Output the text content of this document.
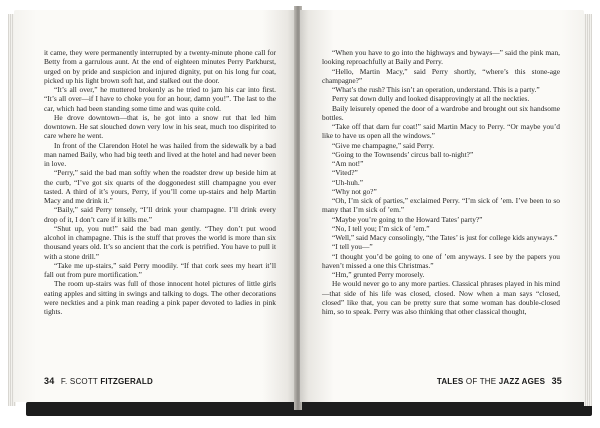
it came, they were permanently interrupted by a twenty-minute phone call for Betty from a garrulous aunt. At the end of eighteen minutes Perry Parkhurst, urged on by pride and suspicion and injured dignity, put on his long fur coat, picked up his light brown soft hat, and stalked out the door.

“It’s all over,” he muttered brokenly as he tried to jam his car into first. “It’s all over—if I have to choke you for an hour, damn you!”. The last to the car, which had been standing some time and was quite cold.

He drove downtown—that is, he got into a snow rut that led him downtown. He sat slouched down very low in his seat, much too dispirited to care where he went.

In front of the Clarendon Hotel he was hailed from the sidewalk by a bad man named Baily, who had big teeth and lived at the hotel and had never been in love.

“Perry,” said the bad man softly when the roadster drew up beside him at the curb, “I’ve got six quarts of the doggonedest still champagne you ever tasted. A third of it’s yours, Perry, if you’ll come up-stairs and help Martin Macy and me drink it.”

“Baily,” said Perry tensely, “I’ll drink your champagne. I’ll drink every drop of it, I don’t care if it kills me.”

“Shut up, you nut!” said the bad man gently. “They don’t put wood alcohol in champagne. This is the stuff that proves the world is more than six thousand years old. It’s so ancient that the cork is petrified. You have to pull it with a stone drill.”

“Take me up-stairs,” said Perry moodily. “If that cork sees my heart it’ll fall out from pure mortification.”

The room up-stairs was full of those innocent hotel pictures of little girls eating apples and sitting in swings and talking to dogs. The other decorations were neckties and a pink man reading a pink paper devoted to ladies in pink tights.

34 F. SCOTT FITZGERALD

“When you have to go into the highways and byways—” said the pink man, looking reproachfully at Baily and Perry.

“Hello, Martin Macy,” said Perry shortly, “where’s this stone-age champagne?”

“What’s the rush? This isn’t an operation, understand. This is a party.”

Perry sat down dully and looked disapprovingly at all the neckties.

Baily leisurely opened the door of a wardrobe and brought out six handsome bottles.

“Take off that darn fur coat!” said Martin Macy to Perry. “Or maybe you’d like to have us open all the windows.”

“Give me champagne,” said Perry.

“Going to the Townsends’ circus ball to-night?”

“Am not!”

“Vited?”

“Uh-huh.”

“Why not go?”

“Oh, I’m sick of parties,” exclaimed Perry. “I’m sick of ’em. I’ve been to so many that I’m sick of ’em.”

“Maybe you’re going to the Howard Tates’ party?”

“No, I tell you; I’m sick of ’em.”

“Well,” said Macy consolingly, “the Tates’ is just for college kids anyways.”

“I tell you—”

“I thought you’d be going to one of ’em anyways. I see by the papers you haven’t missed a one this Christmas.”

“Hm,” grunted Perry morosely.

He would never go to any more parties. Classical phrases played in his mind—that side of his life was closed, closed. Now when a man says “closed, closed” like that, you can be pretty sure that some woman has double-closed him, so to speak. Perry was also thinking that other classical thought,

TALES OF THE JAZZ AGES 35
